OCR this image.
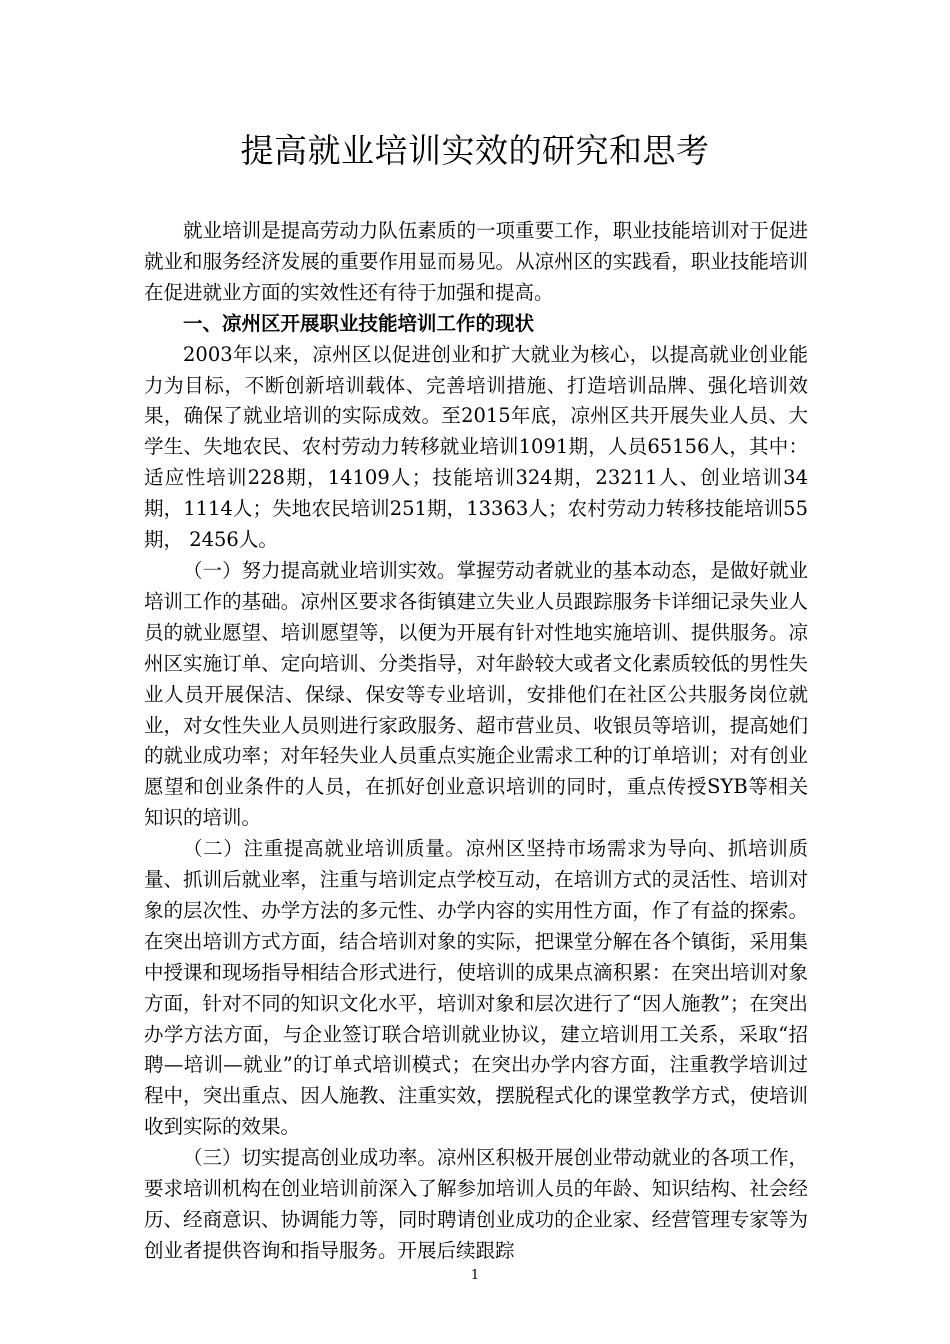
提高就业培训实效的研究和思考

就业培训是提高劳动力队伍素质的一项重要工作，职业技能培训对于促进就业和服务经济发展的重要作用显而易见。从凉州区的实践看，职业技能培训在促进就业方面的实效性还有待于加强和提高。

一、凉州区开展职业技能培训工作的现状

2003年以来，凉州区以促进创业和扩大就业为核心，以提高就业创业能力为目标，不断创新培训载体、完善培训措施、打造培训品牌、强化培训效果，确保了就业培训的实际成效。至2015年底，凉州区共开展失业人员、大学生、失地农民、农村劳动力转移就业培训1091期，人员65156人，其中：适应性培训228期，14109人；技能培训324期，23211人、创业培训34期，1114人；失地农民培训251期，13363人；农村劳动力转移技能培训55期， 2456人。

（一）努力提高就业培训实效。掌握劳动者就业的基本动态，是做好就业培训工作的基础。凉州区要求各街镇建立失业人员跟踪服务卡详细记录失业人员的就业愿望、培训愿望等，以便为开展有针对性地实施培训、提供服务。凉州区实施订单、定向培训、分类指导，对年龄较大或者文化素质较低的男性失业人员开展保洁、保绿、保安等专业培训，安排他们在社区公共服务岗位就业，对女性失业人员则进行家政服务、超市营业员、收银员等培训，提高她们的就业成功率；对年轻失业人员重点实施企业需求工种的订单培训；对有创业愿望和创业条件的人员，在抓好创业意识培训的同时，重点传授SYB等相关知识的培训。

（二）注重提高就业培训质量。凉州区坚持市场需求为导向、抓培训质量、抓训后就业率，注重与培训定点学校互动，在培训方式的灵活性、培训对象的层次性、办学方法的多元性、办学内容的实用性方面，作了有益的探索。在突出培训方式方面，结合培训对象的实际，把课堂分解在各个镇街，采用集中授课和现场指导相结合形式进行，使培训的成果点滴积累：在突出培训对象方面，针对不同的知识文化水平，培训对象和层次进行了“因人施教”；在突出办学方法方面，与企业签订联合培训就业协议，建立培训用工关系，采取“招聘—培训—就业”的订单式培训模式；在突出办学内容方面，注重教学培训过程中，突出重点、因人施教、注重实效，摆脱程式化的课堂教学方式，使培训收到实际的效果。

（三）切实提高创业成功率。凉州区积极开展创业带动就业的各项工作，要求培训机构在创业培训前深入了解参加培训人员的年龄、知识结构、社会经历、经商意识、协调能力等，同时聘请创业成功的企业家、经营管理专家等为创业者提供咨询和指导服务。开展后续跟踪

1
